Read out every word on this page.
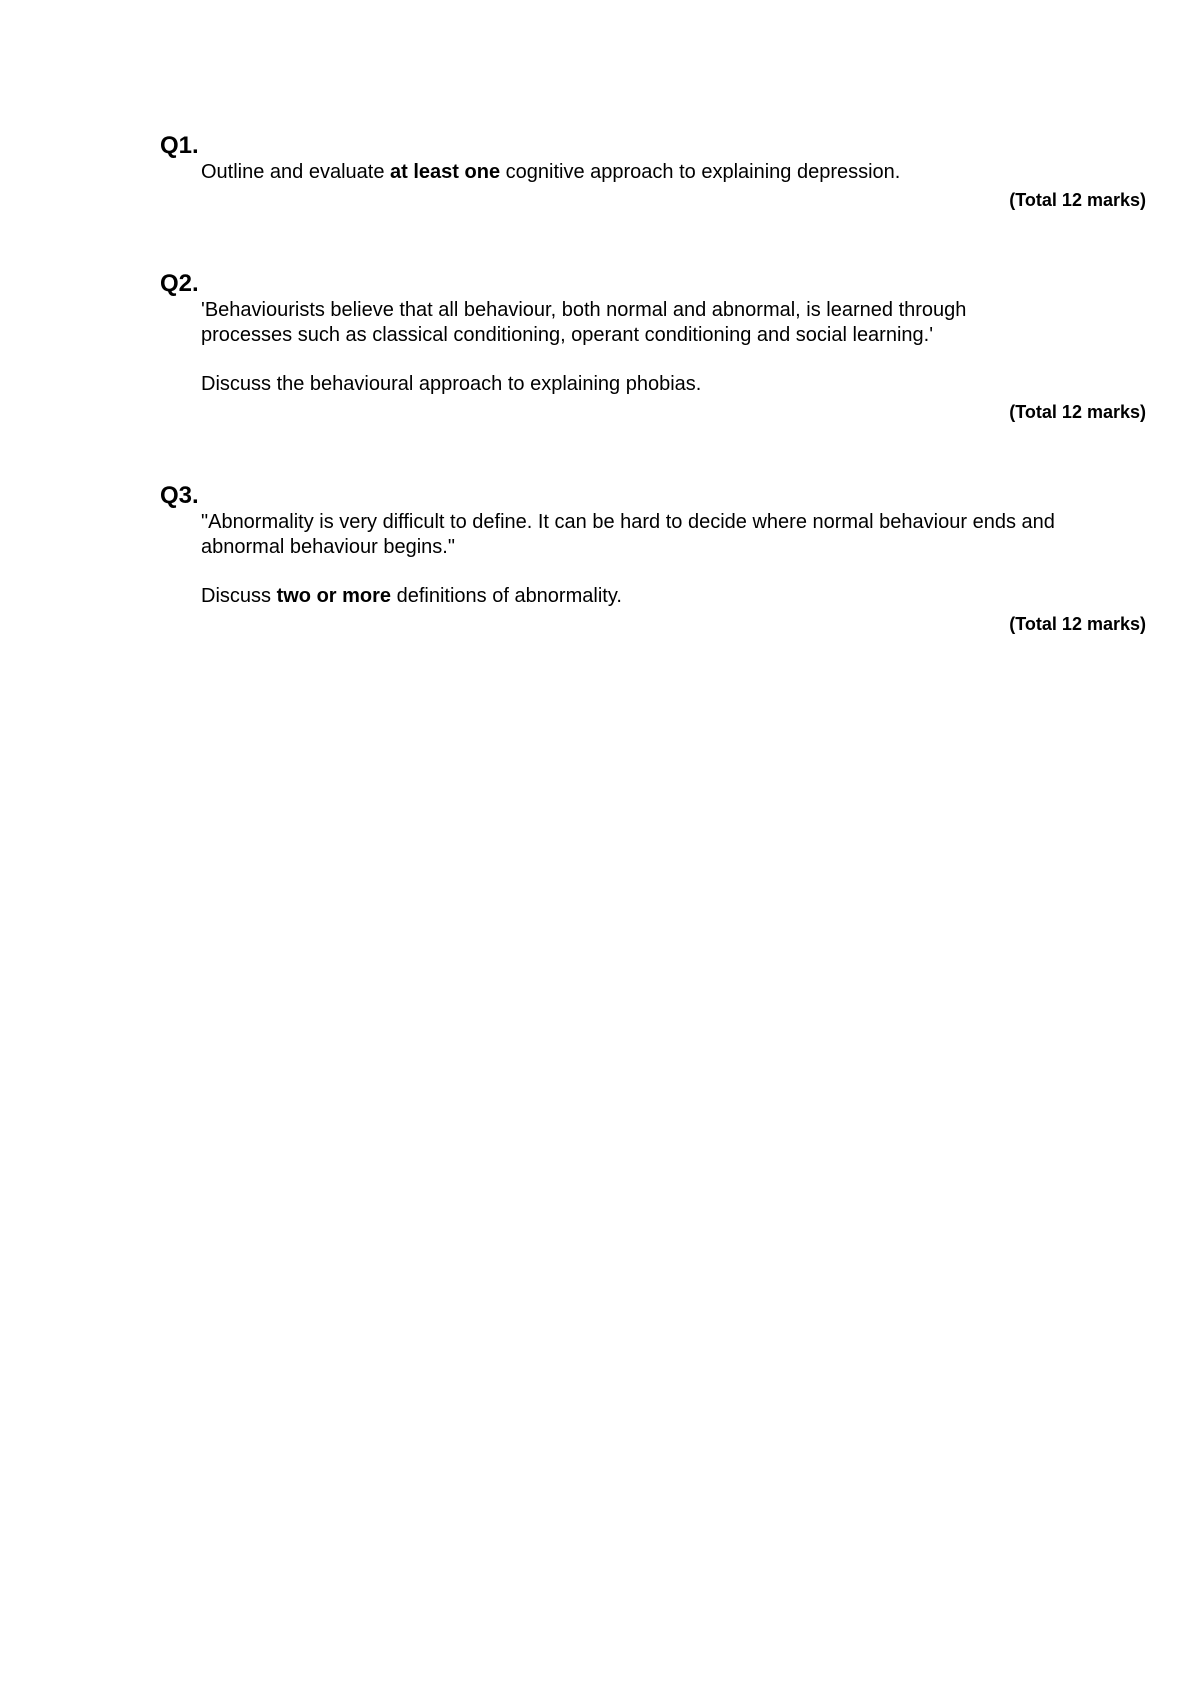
Q1.

Outline and evaluate at least one cognitive approach to explaining depression.

(Total 12 marks)

Q2.

'Behaviourists believe that all behaviour, both normal and abnormal, is learned through processes such as classical conditioning, operant conditioning and social learning.'

Discuss the behavioural approach to explaining phobias.

(Total 12 marks)

Q3.

"Abnormality is very difficult to define. It can be hard to decide where normal behaviour ends and abnormal behaviour begins."

Discuss two or more definitions of abnormality.

(Total 12 marks)
